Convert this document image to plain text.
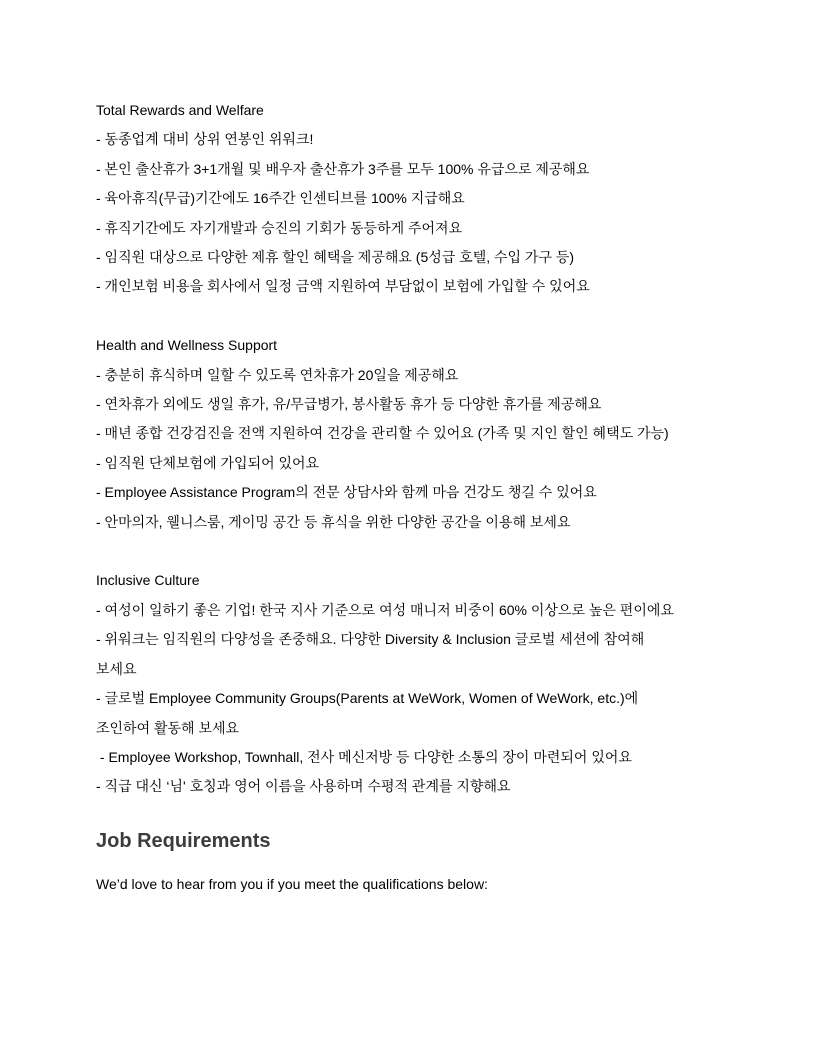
Total Rewards and Welfare

- 동종업계 대비 상위 연봉인 위워크!
- 본인 출산휴가 3+1개월 및 배우자 출산휴가 3주를 모두 100% 유급으로 제공해요
- 육아휴직(무급)기간에도 16주간 인센티브를 100% 지급해요
- 휴직기간에도 자기개발과 승진의 기회가 동등하게 주어져요
- 임직원 대상으로 다양한 제휴 할인 혜택을 제공해요 (5성급 호텔, 수입 가구 등)
- 개인보험 비용을 회사에서 일정 금액 지원하여 부담없이 보험에 가입할 수 있어요

Health and Wellness Support

- 충분히 휴식하며 일할 수 있도록 연차휴가 20일을 제공해요
- 연차휴가 외에도 생일 휴가, 유/무급병가, 봉사활동 휴가 등 다양한 휴가를 제공해요
- 매년 종합 건강검진을 전액 지원하여 건강을 관리할 수 있어요 (가족 및 지인 할인 혜택도 가능)
- 임직원 단체보험에 가입되어 있어요
- Employee Assistance Program의 전문 상담사와 함께 마음 건강도 챙길 수 있어요
- 안마의자, 웰니스룸, 게이밍 공간 등 휴식을 위한 다양한 공간을 이용해 보세요

Inclusive Culture

- 여성이 일하기 좋은 기업! 한국 지사 기준으로 여성 매니저 비중이 60% 이상으로 높은 편이에요
- 위워크는 임직원의 다양성을 존중해요. 다양한 Diversity & Inclusion 글로벌 세션에 참여해
보세요
- 글로벌 Employee Community Groups(Parents at WeWork, Women of WeWork, etc.)에
조인하여 활동해 보세요
- Employee Workshop, Townhall, 전사 메신저방 등 다양한 소통의 장이 마련되어 있어요
- 직급 대신 ‘님' 호칭과 영어 이름을 사용하며 수평적 관계를 지향해요
Job Requirements

We’d love to hear from you if you meet the qualifications below:
